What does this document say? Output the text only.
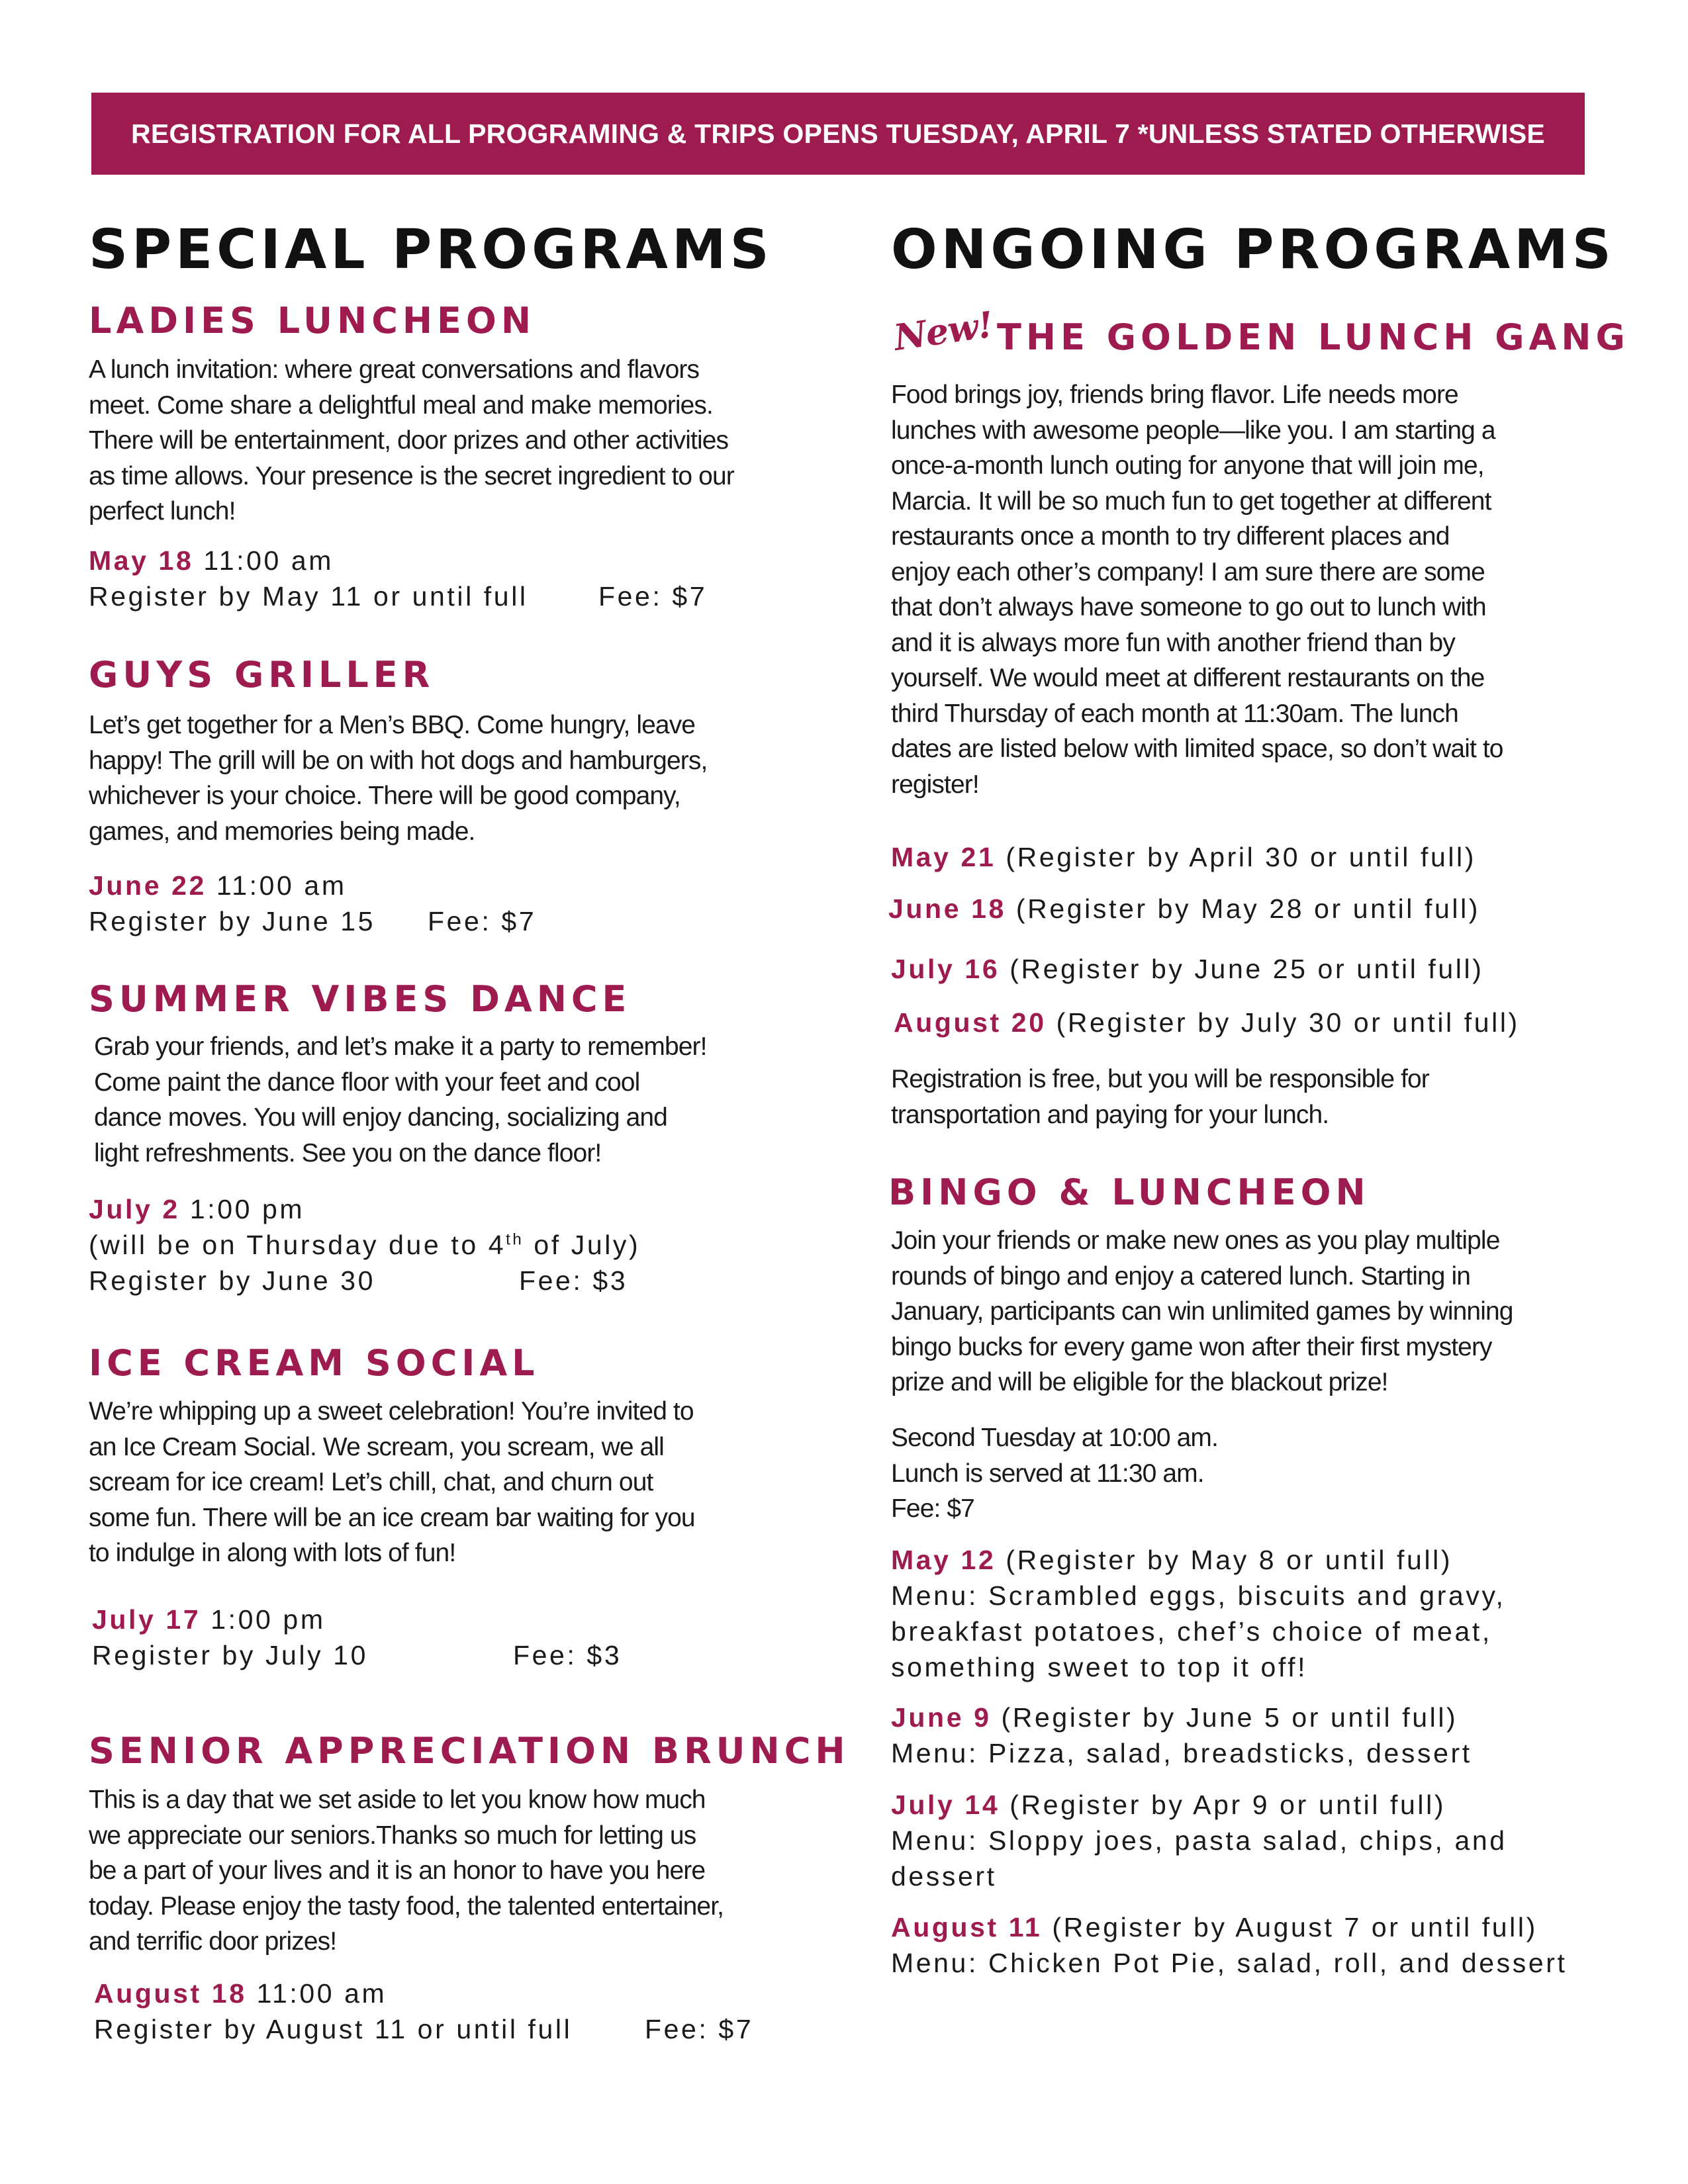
REGISTRATION FOR ALL PROGRAMING & TRIPS OPENS TUESDAY, APRIL 7 *UNLESS STATED OTHERWISE
SPECIAL PROGRAMS
LADIES LUNCHEON
A lunch invitation: where great conversations and flavors
meet. Come share a delightful meal and make memories.
There will be entertainment, door prizes and other activities
as time allows. Your presence is the secret ingredient to our
perfect lunch!
May 18 11:00 am
Register by May 11 or until full	Fee: $7
GUYS GRILLER
Let’s get together for a Men’s BBQ. Come hungry, leave
happy! The grill will be on with hot dogs and hamburgers,
whichever is your choice. There will be good company,
games, and memories being made.
June 22 11:00 am
Register by June 15 Fee: $7
SUMMER VIBES DANCE
Grab your friends, and let’s make it a party to remember!
Come paint the dance floor with your feet and cool
dance moves. You will enjoy dancing, socializing and
light refreshments. See you on the dance floor!
July 2 1:00 pm
(will be on Thursday due to 4th of July)
Register by June 30	Fee: $3
ICE CREAM SOCIAL
We’re whipping up a sweet celebration! You’re invited to
an Ice Cream Social. We scream, you scream, we all
scream for ice cream! Let’s chill, chat, and churn out
some fun. There will be an ice cream bar waiting for you
to indulge in along with lots of fun!
July 17 1:00 pm
Register by July 10	Fee: $3
SENIOR APPRECIATION BRUNCH
This is a day that we set aside to let you know how much
we appreciate our seniors.Thanks so much for letting us
be a part of your lives and it is an honor to have you here
today. Please enjoy the tasty food, the talented entertainer,
and terrific door prizes!
August 18 11:00 am
Register by August 11 or until full	Fee: $7
ONGOING PROGRAMS
New! THE GOLDEN LUNCH GANG
Food brings joy, friends bring flavor. Life needs more
lunches with awesome people—like you. I am starting a
once-a-month lunch outing for anyone that will join me,
Marcia. It will be so much fun to get together at different
restaurants once a month to try different places and
enjoy each other’s company! I am sure there are some
that don’t always have someone to go out to lunch with
and it is always more fun with another friend than by
yourself. We would meet at different restaurants on the
third Thursday of each month at 11:30am. The lunch
dates are listed below with limited space, so don’t wait to
register!
May 21 (Register by April 30 or until full)
June 18 (Register by May 28 or until full)
July 16 (Register by June 25 or until full)
August 20 (Register by July 30 or until full)
Registration is free, but you will be responsible for
transportation and paying for your lunch.
BINGO & LUNCHEON
Join your friends or make new ones as you play multiple
rounds of bingo and enjoy a catered lunch. Starting in
January, participants can win unlimited games by winning
bingo bucks for every game won after their first mystery
prize and will be eligible for the blackout prize!
Second Tuesday at 10:00 am.
Lunch is served at 11:30 am.
Fee: $7
May 12 (Register by May 8 or until full)
Menu: Scrambled eggs, biscuits and gravy,
breakfast potatoes, chef’s choice of meat,
something sweet to top it off!
June 9 (Register by June 5 or until full)
Menu: Pizza, salad, breadsticks, dessert
July 14 (Register by Apr 9 or until full)
Menu: Sloppy joes, pasta salad, chips, and
dessert
August 11 (Register by August 7 or until full)
Menu: Chicken Pot Pie, salad, roll, and dessert
